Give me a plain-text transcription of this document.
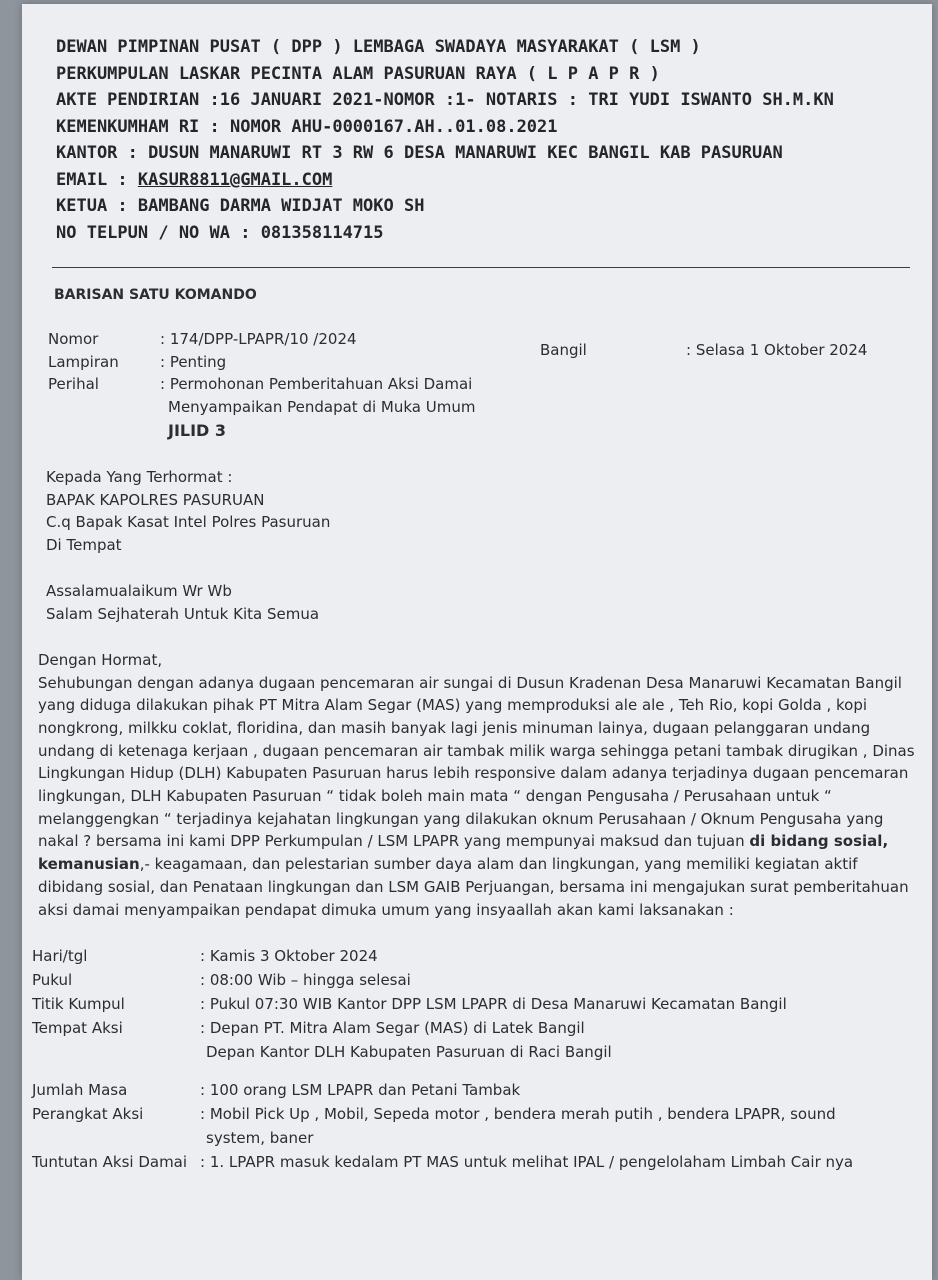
DEWAN PIMPINAN PUSAT ( DPP ) LEMBAGA SWADAYA MASYARAKAT ( LSM )
PERKUMPULAN LASKAR PECINTA ALAM PASURUAN RAYA ( L P A P R )
AKTE PENDIRIAN :16 JANUARI 2021-NOMOR :1- NOTARIS : TRI YUDI ISWANTO SH.M.KN
KEMENKUMHAM RI : NOMOR AHU-0000167.AH..01.08.2021
KANTOR : DUSUN MANARUWI RT 3 RW 6 DESA MANARUWI KEC BANGIL KAB PASURUAN
EMAIL : KASUR8811@GMAIL.COM
KETUA : BAMBANG DARMA WIDJAT MOKO SH
NO TELPUN / NO WA : 081358114715
BARISAN SATU KOMANDO
Nomor	: 174/DPP-LPAPR/10 /2024
Lampiran	: Penting
Perihal	: Permohonan Pemberitahuan Aksi Damai
Menyampaikan Pendapat di Muka Umum
JILID 3
Bangil	: Selasa 1 Oktober 2024
Kepada Yang Terhormat :
BAPAK KAPOLRES PASURUAN
C.q Bapak Kasat Intel Polres Pasuruan
Di Tempat
Assalamualaikum Wr Wb
Salam Sejhaterah Untuk Kita Semua
Dengan Hormat,
Sehubungan dengan adanya dugaan pencemaran air sungai di Dusun Kradenan Desa Manaruwi Kecamatan Bangil yang diduga dilakukan pihak PT Mitra Alam Segar (MAS) yang memproduksi ale ale , Teh Rio, kopi Golda , kopi nongkrong, milkku coklat, floridina, dan masih banyak lagi jenis minuman lainya, dugaan pelanggaran undang undang di ketenaga kerjaan , dugaan pencemaran air tambak milik warga sehingga petani tambak dirugikan , Dinas Lingkungan Hidup (DLH) Kabupaten Pasuruan harus lebih responsive dalam adanya terjadinya dugaan pencemaran lingkungan, DLH Kabupaten Pasuruan “ tidak boleh main mata “ dengan Pengusaha / Perusahaan untuk “ melanggengkan “ terjadinya kejahatan lingkungan yang dilakukan oknum Perusahaan / Oknum Pengusaha yang nakal ? bersama ini kami DPP Perkumpulan / LSM LPAPR yang mempunyai maksud dan tujuan di bidang sosial, kemanusian,- keagamaan, dan pelestarian sumber daya alam dan lingkungan, yang memiliki kegiatan aktif dibidang sosial, dan Penataan lingkungan dan LSM GAIB Perjuangan, bersama ini mengajukan surat pemberitahuan aksi damai menyampaikan pendapat dimuka umum yang insyaallah akan kami laksanakan :
Hari/tgl	: Kamis 3 Oktober 2024
Pukul	: 08:00 Wib – hingga selesai
Titik Kumpul	: Pukul 07:30 WIB Kantor DPP LSM LPAPR di Desa Manaruwi Kecamatan Bangil
Tempat Aksi	: Depan PT. Mitra Alam Segar (MAS) di Latek Bangil
Depan Kantor DLH Kabupaten Pasuruan di Raci Bangil
Jumlah Masa	: 100 orang LSM LPAPR dan Petani Tambak
Perangkat Aksi	: Mobil Pick Up , Mobil, Sepeda motor , bendera merah putih , bendera LPAPR, sound
system, baner
Tuntutan Aksi Damai : 1. LPAPR masuk kedalam PT MAS untuk melihat IPAL / pengelolaham Limbah Cair nya
